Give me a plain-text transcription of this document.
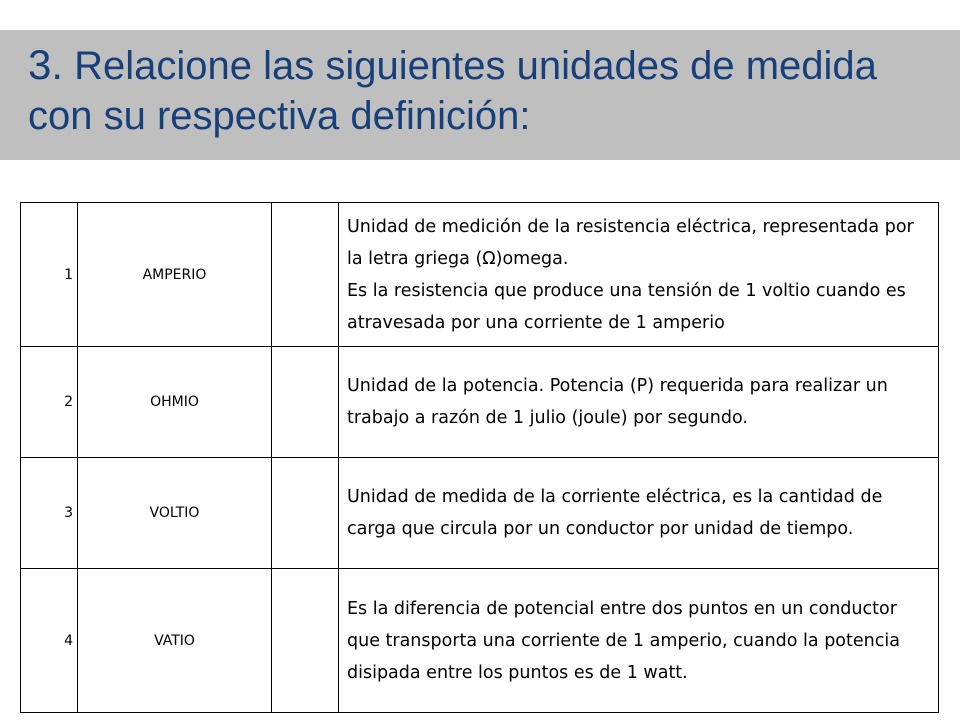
3. Relacione las siguientes unidades de medida con su respectiva definición:
1	AMPERIO		Unidad de medición de la resistencia eléctrica, representada por la letra griega (Ω)omega.

Es la resistencia que produce una tensión de 1 voltio cuando es atravesada por una corriente de 1 amperio

2	OHMIO		Unidad de la potencia. Potencia (P) requerida para realizar un trabajo a razón de 1 julio (joule) por segundo.

3	VOLTIO		Unidad de medida de la corriente eléctrica, es la cantidad de carga que circula por un conductor por unidad de tiempo.

4	VATIO		Es la diferencia de potencial entre dos puntos en un conductor que transporta una corriente de 1 amperio, cuando la potencia disipada entre los puntos es de 1 watt.
